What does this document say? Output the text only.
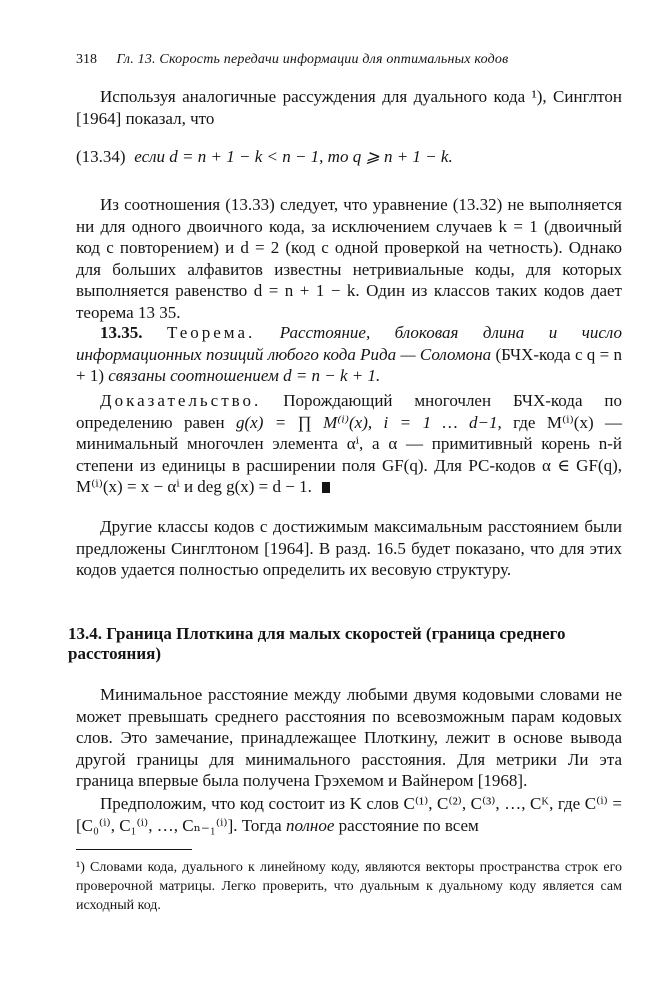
318 Гл. 13. Скорость передачи информации для оптимальных кодов
Используя аналогичные рассуждения для дуального кода ¹), Синглтон [1964] показал, что
(13.34) если d = n + 1 − k < n − 1, то q ⩾ n + 1 − k.
Из соотношения (13.33) следует, что уравнение (13.32) не выполняется ни для одного двоичного кода, за исключением случаев k = 1 (двоичный код с повторением) и d = 2 (код с одной проверкой на четность). Однако для больших алфавитов известны нетривиальные коды, для которых выполняется равенство d = n + 1 − k. Один из классов таких кодов дает теорема 13 35.
13.35. Теорема. Расстояние, блоковая длина и число информационных позиций любого кода Рида — Соломона (БЧХ-кода с q = n + 1) связаны соотношением d = n − k + 1.
Доказательство. Порождающий многочлен БЧХ-кода по определению равен g(x) = ∏ M⁽ⁱ⁾(x), i = 1 … d−1, где M⁽ⁱ⁾(x) — минимальный многочлен элемента αⁱ, а α — примитивный корень n-й степени из единицы в расширении поля GF(q). Для РС-кодов α ∈ GF(q), M⁽ⁱ⁾(x) = x − αⁱ и deg g(x) = d − 1.
Другие классы кодов с достижимым максимальным расстоянием были предложены Синглтоном [1964]. В разд. 16.5 будет показано, что для этих кодов удается полностью определить их весовую структуру.
13.4. Граница Плоткина для малых скоростей (граница среднего расстояния)
Минимальное расстояние между любыми двумя кодовыми словами не может превышать среднего расстояния по всевозможным парам кодовых слов. Это замечание, принадлежащее Плоткину, лежит в основе вывода другой границы для минимального расстояния. Для метрики Ли эта граница впервые была получена Грэхемом и Вайнером [1968].
Предположим, что код состоит из K слов C⁽¹⁾, C⁽²⁾, C⁽³⁾, …, Cᴷ, где C⁽ⁱ⁾ = [C₀⁽ⁱ⁾, C₁⁽ⁱ⁾, …, Cₙ₋₁⁽ⁱ⁾]. Тогда полное расстояние по всем
¹) Словами кода, дуального к линейному коду, являются векторы пространства строк его проверочной матрицы. Легко проверить, что дуальным к дуальному коду является сам исходный код.
